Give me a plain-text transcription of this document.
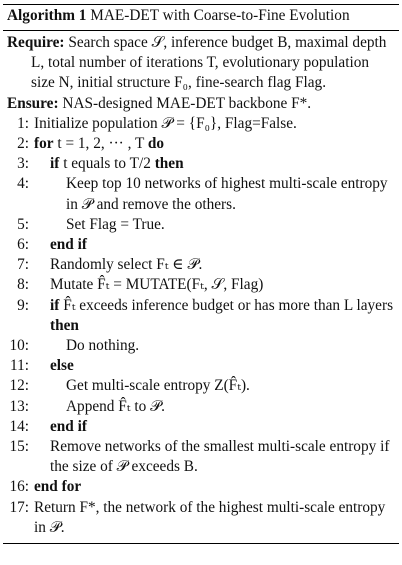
Algorithm 1 MAE-DET with Coarse-to-Fine Evolution
Require: Search space 𝒮, inference budget B, maximal depth L, total number of iterations T, evolutionary population size N, initial structure F₀, fine-search flag Flag.
Ensure: NAS-designed MAE-DET backbone F*.
1: Initialize population 𝒫 = {F₀}, Flag=False.
2: for t = 1, 2, ··· , T do
3:	if t equals to T/2 then
4:	Keep top 10 networks of highest multi-scale entropy in 𝒫 and remove the others.
5:	Set Flag = True.
6:	end if
7:	Randomly select Fₜ ∈ 𝒫.
8:	Mutate F̂ₜ = MUTATE(Fₜ, 𝒮, Flag)
9:	if F̂ₜ exceeds inference budget or has more than L layers then
10:	Do nothing.
11:	else
12:	Get multi-scale entropy Z(F̂ₜ).
13:	Append F̂ₜ to 𝒫.
14:	end if
15:	Remove networks of the smallest multi-scale entropy if the size of 𝒫 exceeds B.
16: end for
17: Return F*, the network of the highest multi-scale entropy in 𝒫.
